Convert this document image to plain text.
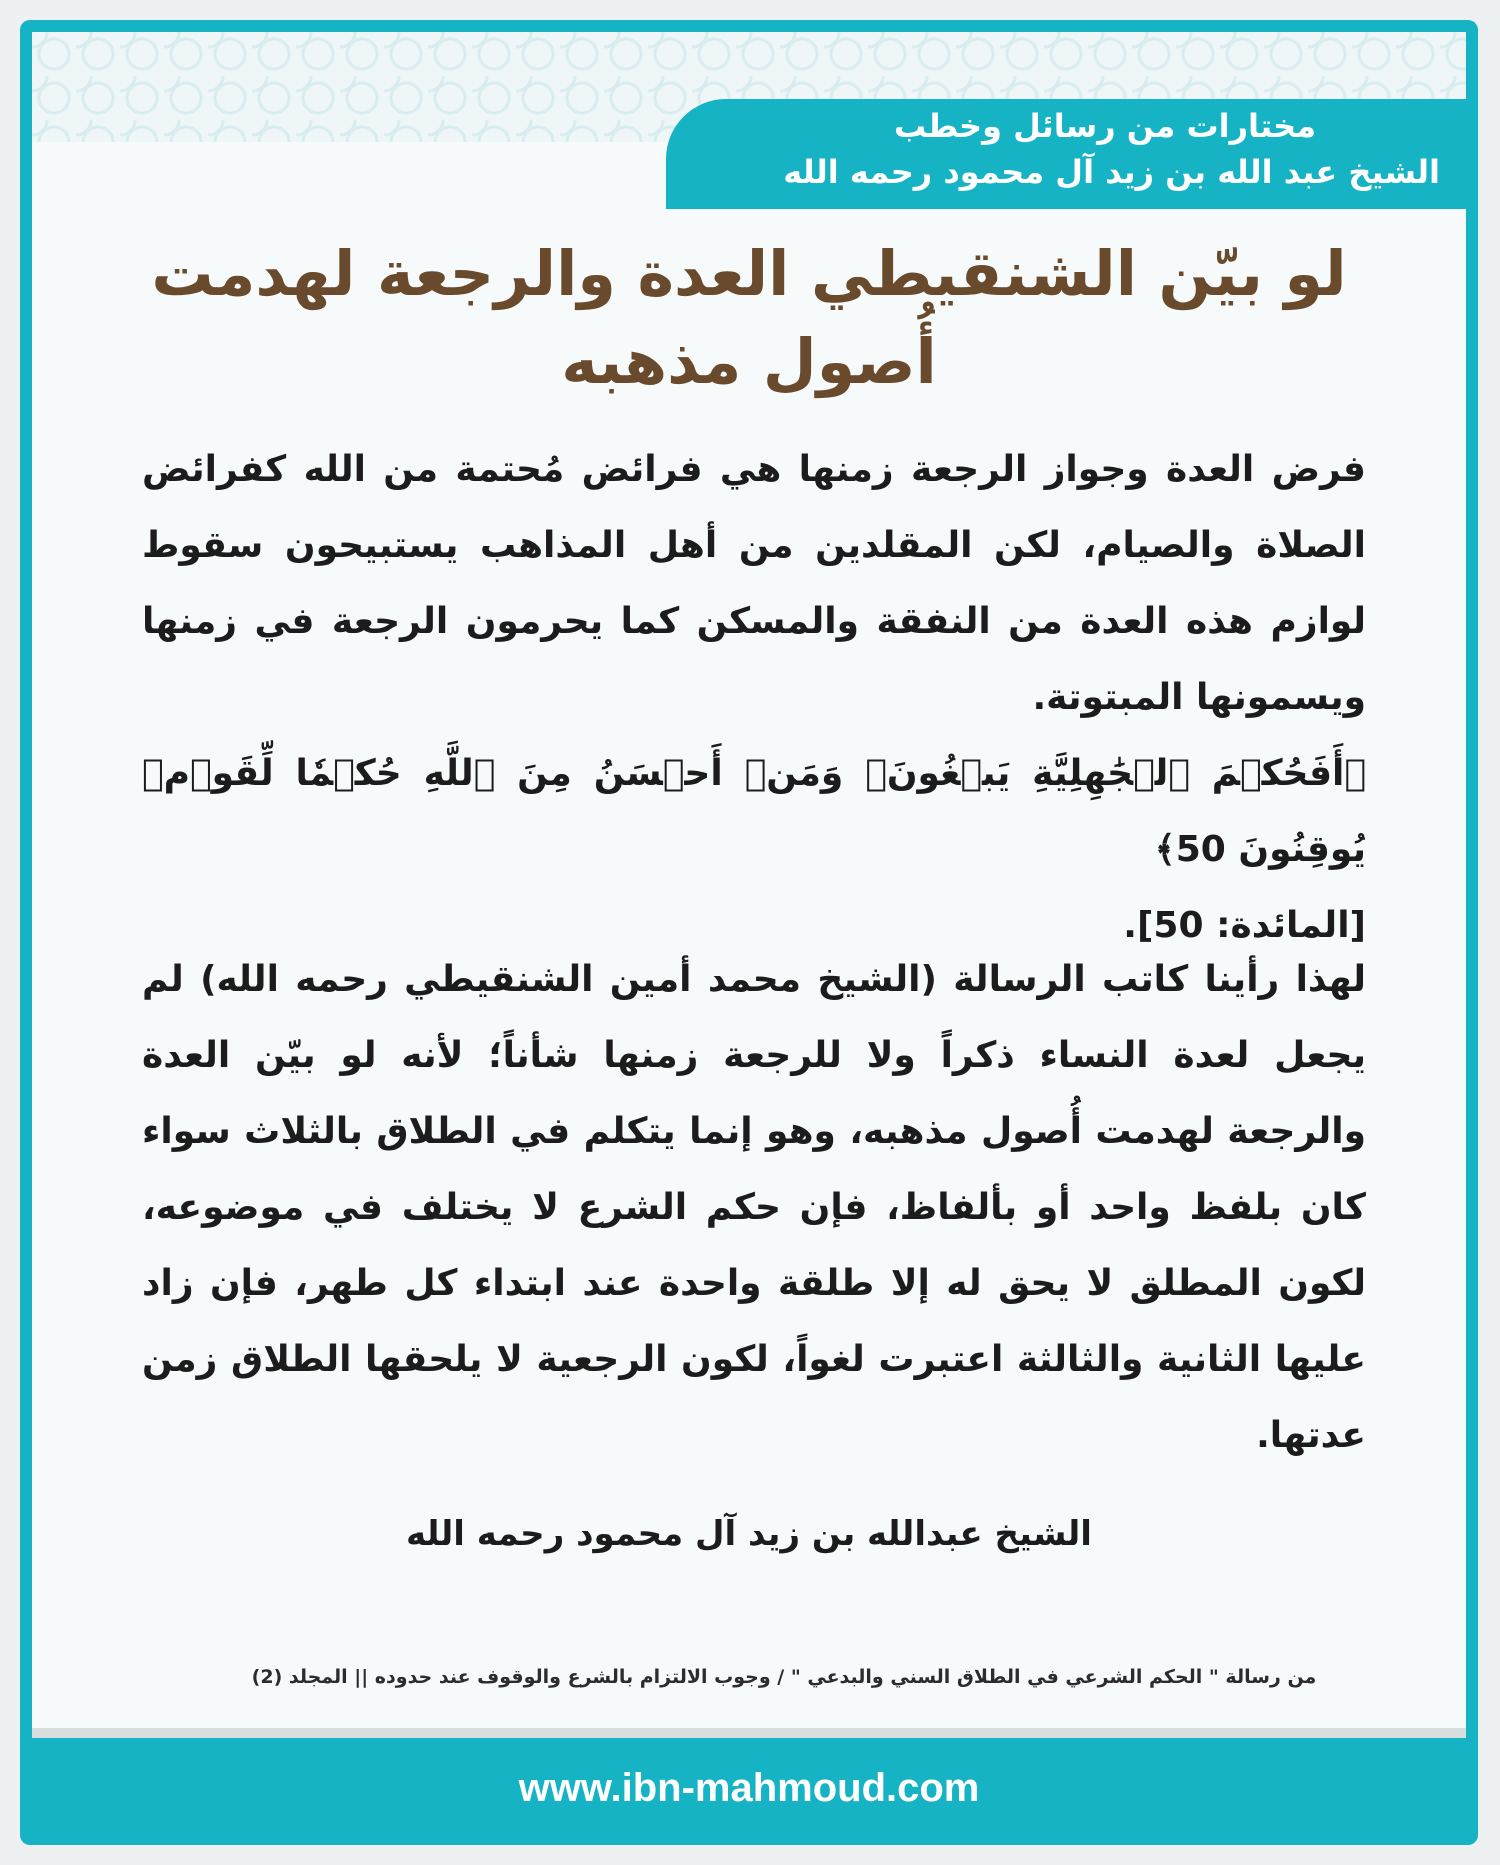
مختارات من رسائل وخطب
الشيخ عبد الله بن زيد آل محمود رحمه الله
لو بيّن الشنقيطي العدة والرجعة لهدمت أُصول مذهبه
فرض العدة وجواز الرجعة زمنها هي فرائض مُحتمة من الله كفرائض الصلاة والصيام، لكن المقلدين من أهل المذاهب يستبيحون سقوط لوازم هذه العدة من النفقة والمسكن كما يحرمون الرجعة في زمنها ويسمونها المبتوتة.
﴿أَفَحُكۡمَ ٱلۡجَٰهِلِيَّةِ يَبۡغُونَۚ وَمَنۡ أَحۡسَنُ مِنَ ٱللَّهِ حُكۡمٗا لِّقَوۡمٖ يُوقِنُونَ 50﴾
[المائدة: 50].
لهذا رأينا كاتب الرسالة (الشيخ محمد أمين الشنقيطي رحمه الله) لم يجعل لعدة النساء ذكراً ولا للرجعة زمنها شأناً؛ لأنه لو بيّن العدة والرجعة لهدمت أُصول مذهبه، وهو إنما يتكلم في الطلاق بالثلاث سواء كان بلفظ واحد أو بألفاظ، فإن حكم الشرع لا يختلف في موضوعه، لكون المطلق لا يحق له إلا طلقة واحدة عند ابتداء كل طهر، فإن زاد عليها الثانية والثالثة اعتبرت لغواً، لكون الرجعية لا يلحقها الطلاق زمن عدتها.
الشيخ عبدالله بن زيد آل محمود رحمه الله
من رسالة " الحكم الشرعي في الطلاق السني والبدعي " / وجوب الالتزام بالشرع والوقوف عند حدوده || المجلد (2)
www.ibn-mahmoud.com
